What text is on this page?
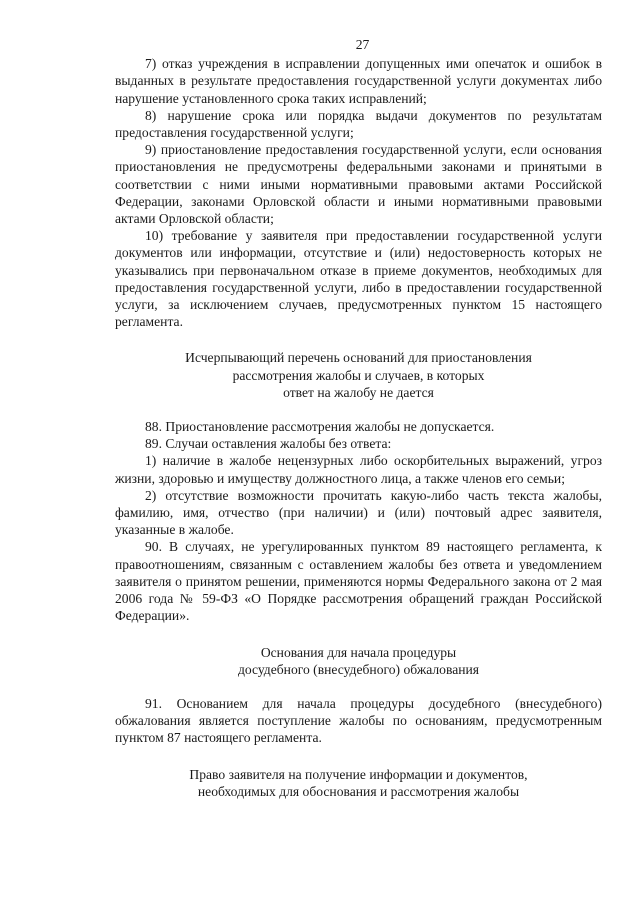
27

7) отказ учреждения в исправлении допущенных ими опечаток и ошибок в выданных в результате предоставления государственной услуги документах либо нарушение установленного срока таких исправлений;

8) нарушение срока или порядка выдачи документов по результатам предоставления государственной услуги;

9) приостановление предоставления государственной услуги, если основания приостановления не предусмотрены федеральными законами и принятыми в соответствии с ними иными нормативными правовыми актами Российской Федерации, законами Орловской области и иными нормативными правовыми актами Орловской области;

10) требование у заявителя при предоставлении государственной услуги документов или информации, отсутствие и (или) недостоверность которых не указывались при первоначальном отказе в приеме документов, необходимых для предоставления государственной услуги, либо в предоставлении государственной услуги, за исключением случаев, предусмотренных пунктом 15 настоящего регламента.

Исчерпывающий перечень оснований для приостановления

рассмотрения жалобы и случаев, в которых

ответ на жалобу не дается

88. Приостановление рассмотрения жалобы не допускается.

89. Случаи оставления жалобы без ответа:

1) наличие в жалобе нецензурных либо оскорбительных выражений, угроз жизни, здоровью и имуществу должностного лица, а также членов его семьи;

2) отсутствие возможности прочитать какую-либо часть текста жалобы, фамилию, имя, отчество (при наличии) и (или) почтовый адрес заявителя, указанные в жалобе.

90. В случаях, не урегулированных пунктом 89 настоящего регламента, к правоотношениям, связанным с оставлением жалобы без ответа и уведомлением заявителя о принятом решении, применяются нормы Федерального закона от 2 мая 2006 года № 59-ФЗ «О Порядке рассмотрения обращений граждан Российской Федерации».

Основания для начала процедуры

досудебного (внесудебного) обжалования

91. Основанием для начала процедуры досудебного (внесудебного) обжалования является поступление жалобы по основаниям, предусмотренным пунктом 87 настоящего регламента.

Право заявителя на получение информации и документов,

необходимых для обоснования и рассмотрения жалобы
